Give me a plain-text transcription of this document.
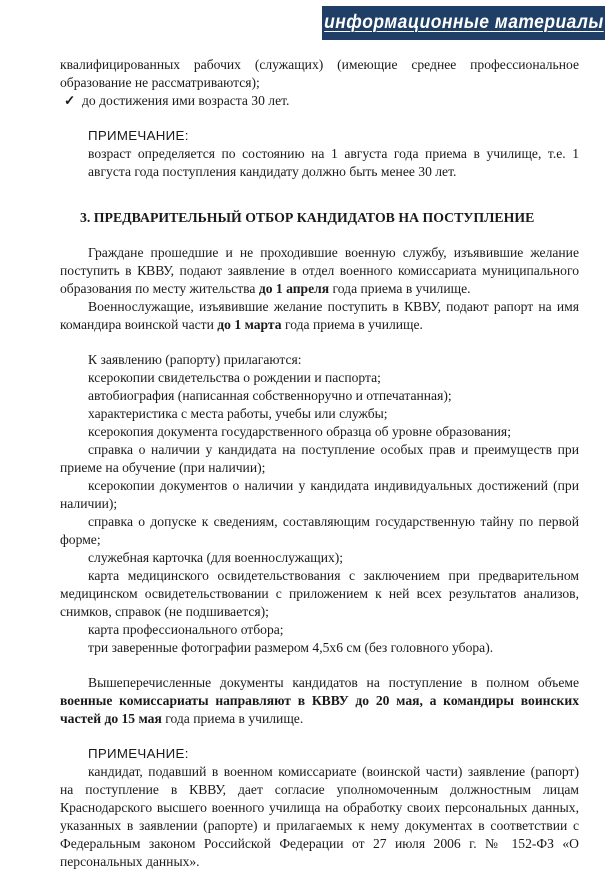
информационные материалы

квалифицированных рабочих (служащих) (имеющие среднее профессиональное образование не рассматриваются);

✓ до достижения ими возраста 30 лет.

ПРИМЕЧАНИЕ:

возраст определяется по состоянию на 1 августа года приема в училище, т.е. 1 августа года поступления кандидату должно быть менее 30 лет.

3. ПРЕДВАРИТЕЛЬНЫЙ ОТБОР КАНДИДАТОВ НА ПОСТУПЛЕНИЕ

Граждане прошедшие и не проходившие военную службу, изъявившие желание поступить в КВВУ, подают заявление в отдел военного комиссариата муниципального образования по месту жительства до 1 апреля года приема в училище.

Военнослужащие, изъявившие желание поступить в КВВУ, подают рапорт на имя командира воинской части до 1 марта года приема в училище.

К заявлению (рапорту) прилагаются:

ксерокопии свидетельства о рождении и паспорта;

автобиография (написанная собственноручно и отпечатанная);

характеристика с места работы, учебы или службы;

ксерокопия документа государственного образца об уровне образования;

справка о наличии у кандидата на поступление особых прав и преимуществ при приеме на обучение (при наличии);

ксерокопии документов о наличии у кандидата индивидуальных достижений (при наличии);

справка о допуске к сведениям, составляющим государственную тайну по первой форме;

служебная карточка (для военнослужащих);

карта медицинского освидетельствования с заключением при предварительном медицинском освидетельствовании с приложением к ней всех результатов анализов, снимков, справок (не подшивается);

карта профессионального отбора;

три заверенные фотографии размером 4,5х6 см (без головного убора).

Вышеперечисленные документы кандидатов на поступление в полном объеме военные комиссариаты направляют в КВВУ до 20 мая, а командиры воинских частей до 15 мая года приема в училище.

ПРИМЕЧАНИЕ:

кандидат, подавший в военном комиссариате (воинской части) заявление (рапорт) на поступление в КВВУ, дает согласие уполномоченным должностным лицам Краснодарского высшего военного училища на обработку своих персональных данных, указанных в заявлении (рапорте) и прилагаемых к нему документах в соответствии с Федеральным законом Российской Федерации от 27 июля 2006 г. № 152-ФЗ «О персональных данных».
